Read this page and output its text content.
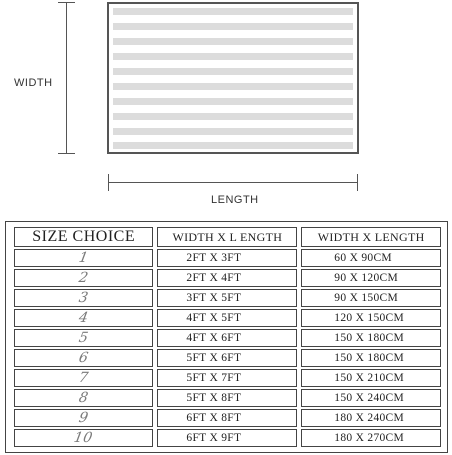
WIDTH
LENGTH
SIZE CHOICE	WIDTH X L ENGTH	WIDTH X LENGTH
1	2FT X 3FT	60 X 90CM
2	2FT X 4FT	90 X 120CM
3	3FT X 5FT	90 X 150CM
4	4FT X 5FT	120 X 150CM
5	4FT X 6FT	150 X 180CM
6	5FT X 6FT	150 X 180CM
7	5FT X 7FT	150 X 210CM
8	5FT X 8FT	150 X 240CM
9	6FT X 8FT	180 X 240CM
10	6FT X 9FT	180 X 270CM
